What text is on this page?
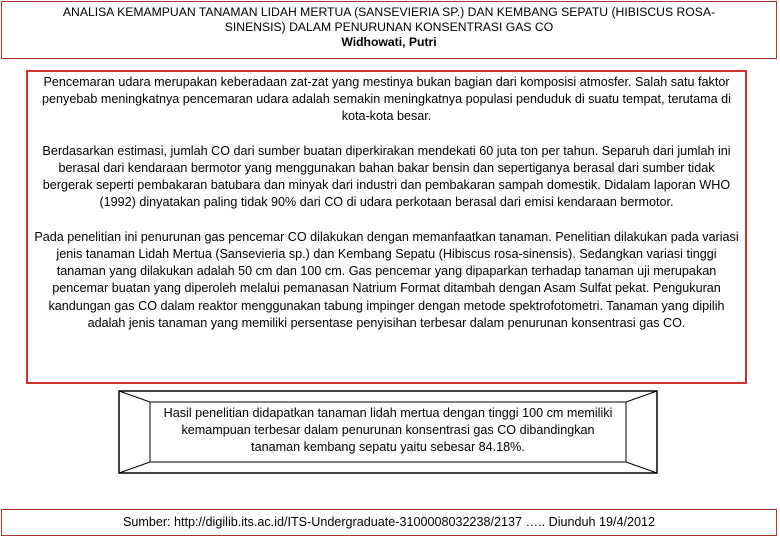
ANALISA KEMAMPUAN TANAMAN LIDAH MERTUA (SANSEVIERIA SP.) DAN KEMBANG SEPATU (HIBISCUS ROSA-
SINENSIS) DALAM PENURUNAN KONSENTRASI GAS CO
Widhowati, Putri

Pencemaran udara merupakan keberadaan zat-zat yang mestinya bukan bagian dari komposisi atmosfer. Salah satu faktor penyebab meningkatnya pencemaran udara adalah semakin meningkatnya populasi penduduk di suatu tempat, terutama di kota-kota besar.

Berdasarkan estimasi, jumlah CO dari sumber buatan diperkirakan mendekati 60 juta ton per tahun. Separuh dari jumlah ini berasal dari kendaraan bermotor yang menggunakan bahan bakar bensin dan sepertiganya berasal dari sumber tidak bergerak seperti pembakaran batubara dan minyak dari industri dan pembakaran sampah domestik. Didalam laporan WHO (1992) dinyatakan paling tidak 90% dari CO di udara perkotaan berasal dari emisi kendaraan bermotor.

Pada penelitian ini penurunan gas pencemar CO dilakukan dengan memanfaatkan tanaman. Penelitian dilakukan pada variasi jenis tanaman Lidah Mertua (Sansevieria sp.) dan Kembang Sepatu (Hibiscus rosa-sinensis). Sedangkan variasi tinggi tanaman yang dilakukan adalah 50 cm dan 100 cm. Gas pencemar yang dipaparkan terhadap tanaman uji merupakan pencemar buatan yang diperoleh melalui pemanasan Natrium Format ditambah dengan Asam Sulfat pekat. Pengukuran kandungan gas CO dalam reaktor menggunakan tabung impinger dengan metode spektrofotometri. Tanaman yang dipilih adalah jenis tanaman yang memiliki persentase penyisihan terbesar dalam penurunan konsentrasi gas CO.

Hasil penelitian didapatkan tanaman lidah mertua dengan tinggi 100 cm memiliki kemampuan terbesar dalam penurunan konsentrasi gas CO dibandingkan tanaman kembang sepatu yaitu sebesar 84.18%.

Sumber: http://digilib.its.ac.id/ITS-Undergraduate-3100008032238/2137 ….. Diunduh 19/4/2012
